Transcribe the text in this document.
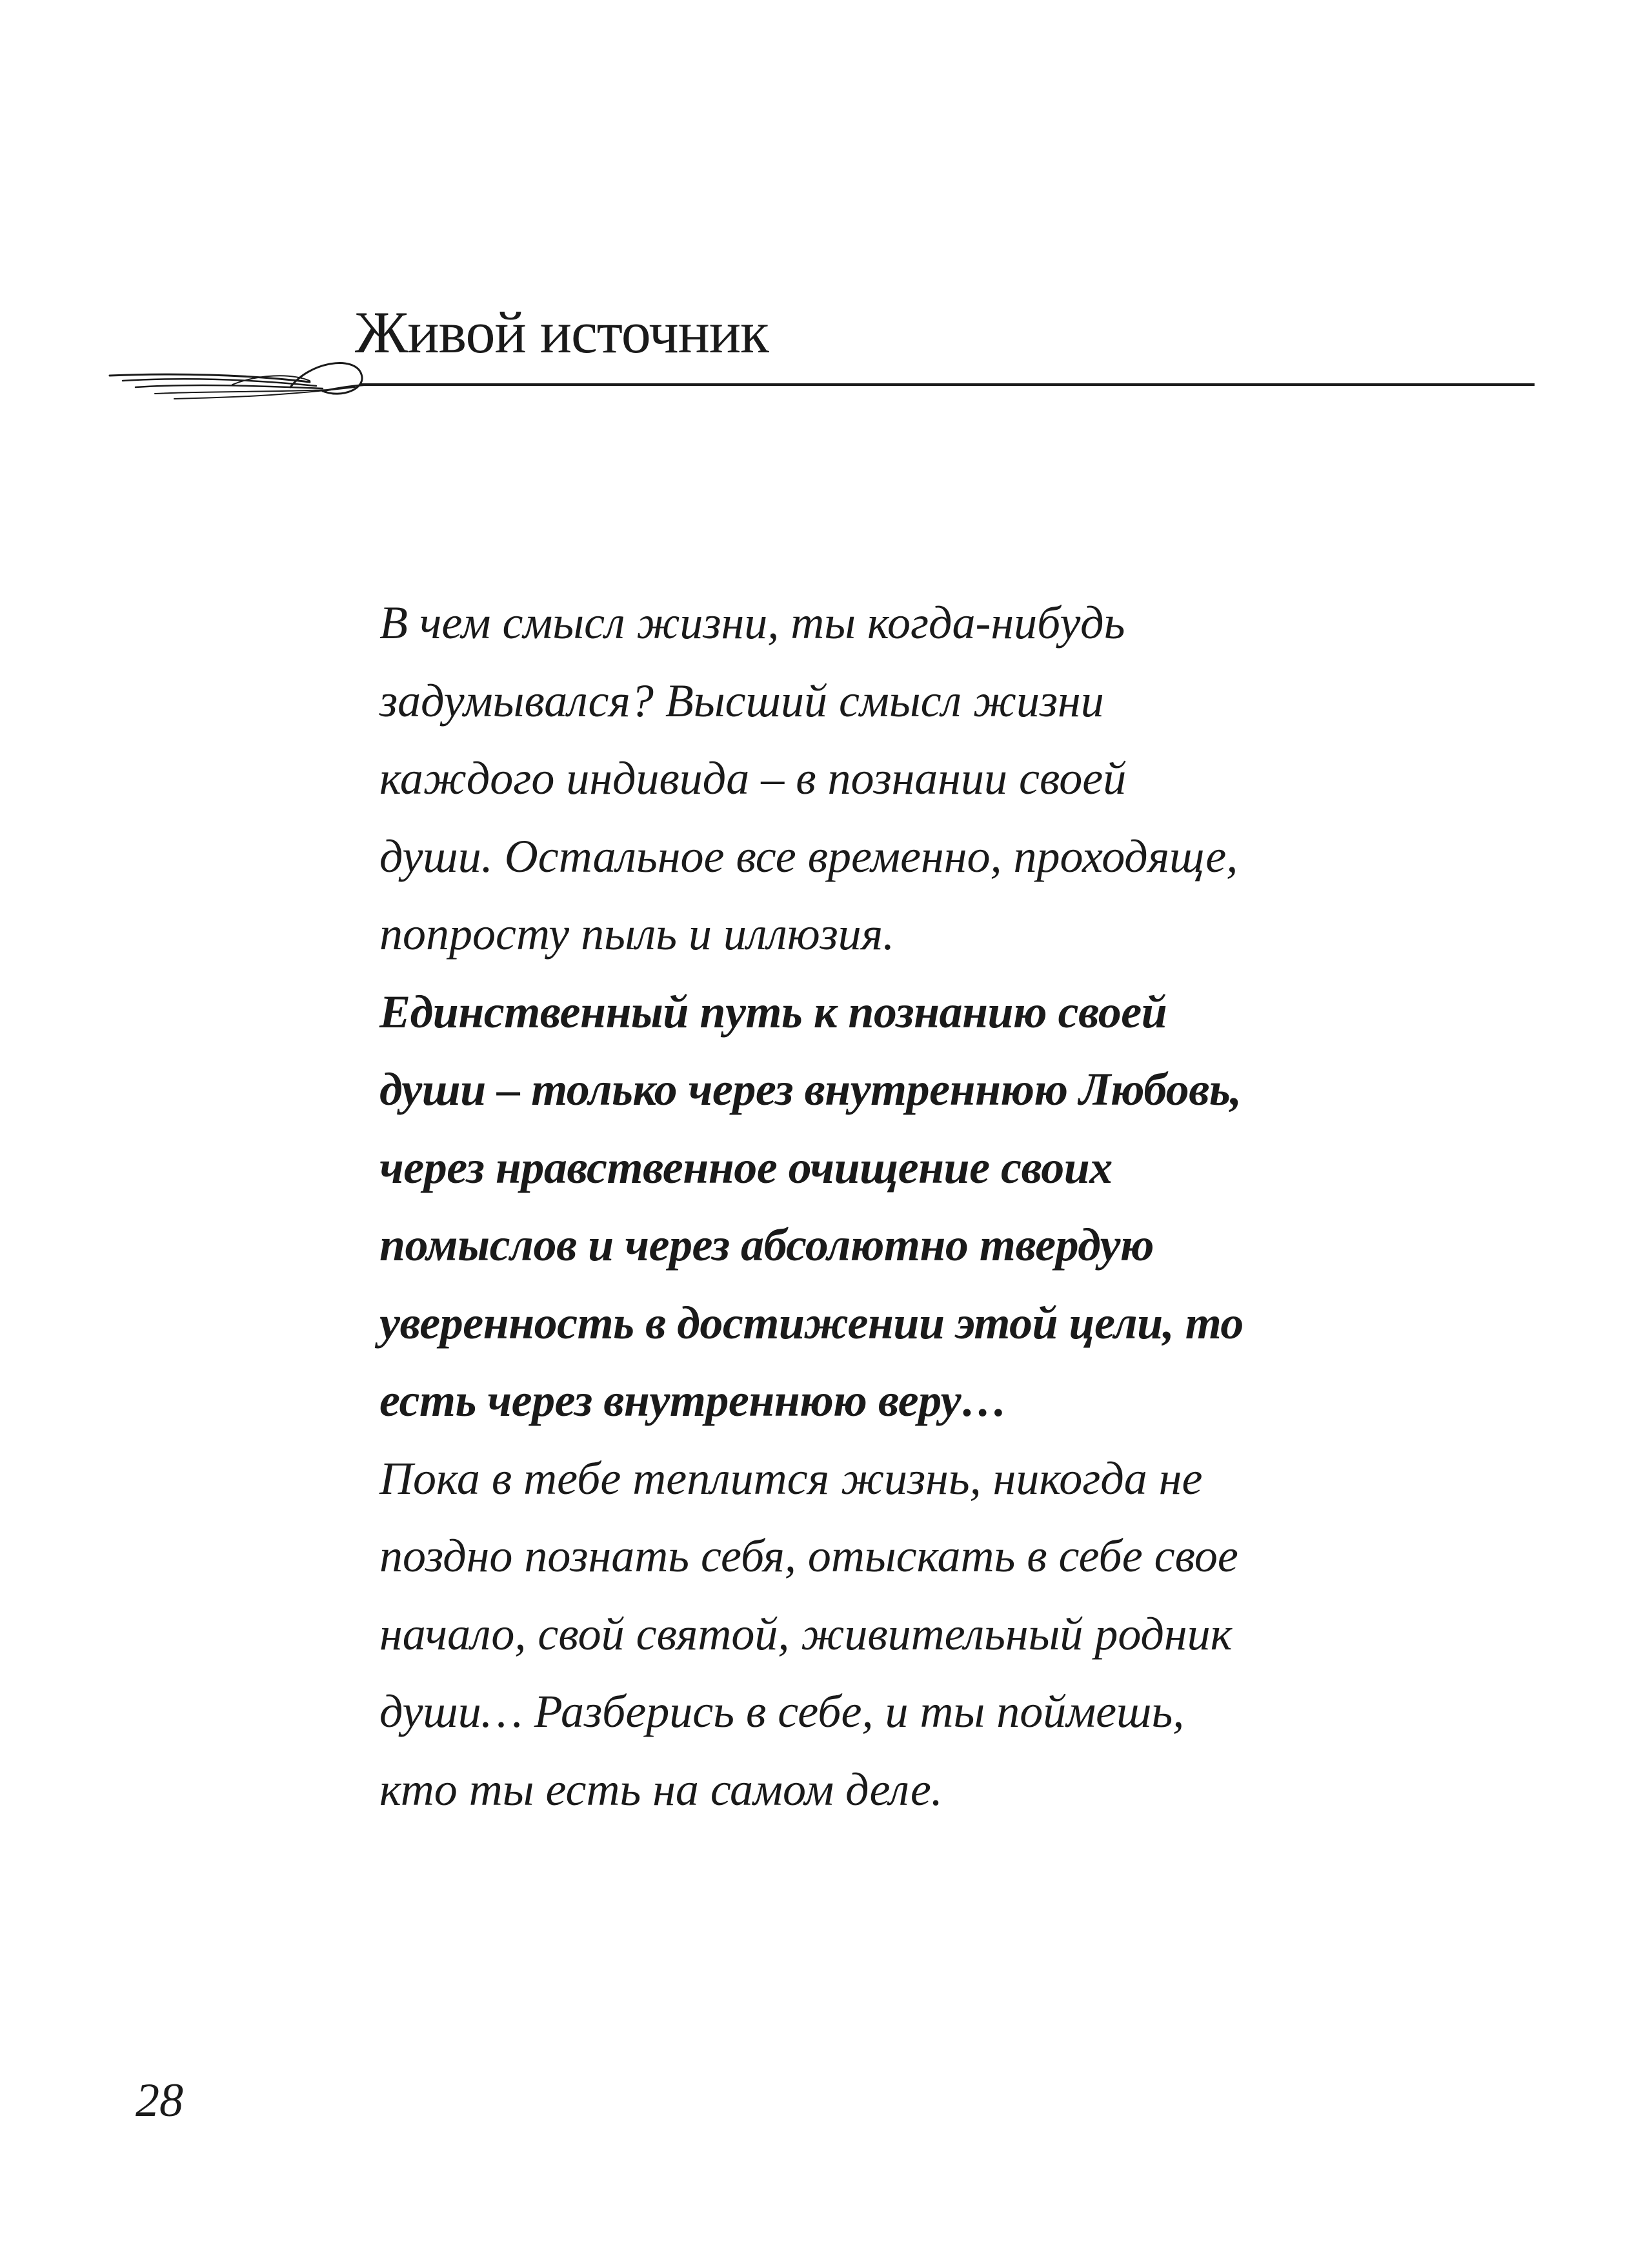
Живой источник
В чем смысл жизни, ты когда-нибудь
задумывался? Высший смысл жизни
каждого индивида – в познании своей
души. Остальное все временно, проходяще,
попросту пыль и иллюзия.
Единственный путь к познанию своей
души – только через внутреннюю Любовь,
через нравственное очищение своих
помыслов и через абсолютно твердую
уверенность в достижении этой цели, то
есть через внутреннюю веру…
Пока в тебе теплится жизнь, никогда не
поздно познать себя, отыскать в себе свое
начало, свой святой, живительный родник
души… Разберись в себе, и ты поймешь,
кто ты есть на самом деле.
28
